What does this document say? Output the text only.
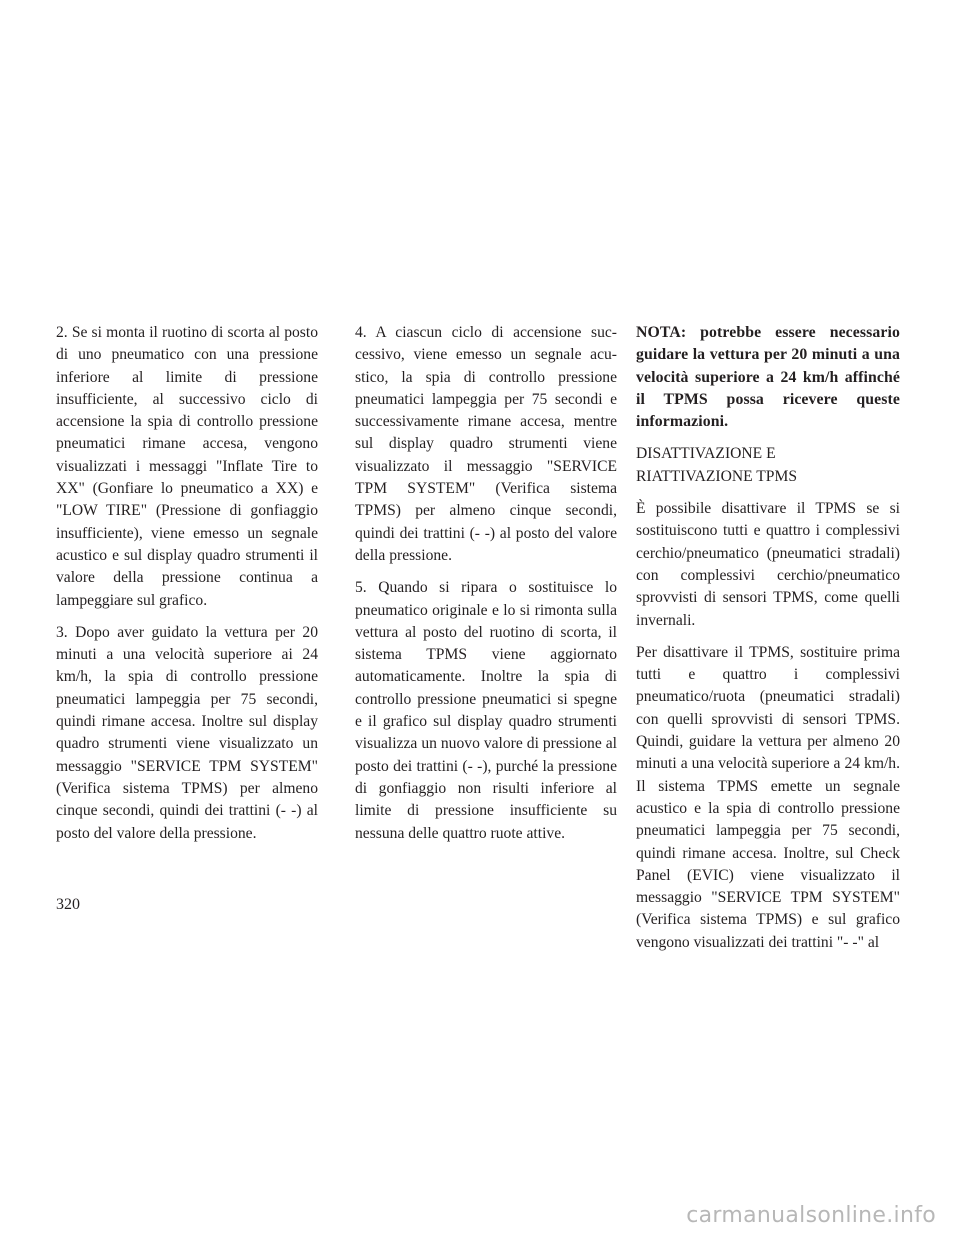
2. Se si monta il ruotino di scorta al posto di uno pneumatico con una pressione inferiore al limite di pressione insufficiente, al successivo ciclo di accensione la spia di controllo pressione pneumatici rimane accesa, vengono visualizzati i messaggi "Inflate Tire to XX" (Gonfiare lo pneumatico a XX) e "LOW TIRE" (Pressione di gonfiaggio insufficiente), viene emesso un segnale acustico e sul display quadro strumenti il valore della pressione continua a lampeggiare sul grafico.

3. Dopo aver guidato la vettura per 20 minuti a una velocità superiore ai 24 km/h, la spia di controllo pressione pneumatici lampeggia per 75 secondi, quindi rimane accesa. Inoltre sul display quadro strumenti viene visualizzato un messaggio "SERVICE TPM SYSTEM" (Verifica sistema TPMS) per almeno cinque secondi, quindi dei trattini (- -) al posto del valore della pressione.

4. A ciascun ciclo di accensione successivo, viene emesso un segnale acustico, la spia di controllo pressione pneumatici lampeggia per 75 secondi e successivamente rimane accesa, mentre sul display quadro strumenti viene visualizzato il messaggio "SERVICE TPM SYSTEM" (Verifica sistema TPMS) per almeno cinque secondi, quindi dei trattini (- -) al posto del valore della pressione.

5. Quando si ripara o sostituisce lo pneumatico originale e lo si rimonta sulla vettura al posto del ruotino di scorta, il sistema TPMS viene aggiornato automaticamente. Inoltre la spia di controllo pressione pneumatici si spegne e il grafico sul display quadro strumenti visualizza un nuovo valore di pressione al posto dei trattini (- -), purché la pressione di gonfiaggio non risulti inferiore al limite di pressione insufficiente su nessuna delle quattro ruote attive.

NOTA: potrebbe essere necessario guidare la vettura per 20 minuti a una velocità superiore a 24 km/h affinché il TPMS possa ricevere queste informazioni.

DISATTIVAZIONE E
RIATTIVAZIONE TPMS

È possibile disattivare il TPMS se si sostituiscono tutti e quattro i complessivi cerchio/pneumatico (pneumatici stradali) con complessivi cerchio/pneumatico sprovvisti di sensori TPMS, come quelli invernali.

Per disattivare il TPMS, sostituire prima tutti e quattro i complessivi pneumatico/ruota (pneumatici stradali) con quelli sprovvisti di sensori TPMS. Quindi, guidare la vettura per almeno 20 minuti a una velocità superiore a 24 km/h. Il sistema TPMS emette un segnale acustico e la spia di controllo pressione pneumatici lampeggia per 75 secondi, quindi rimane accesa. Inoltre, sul Check Panel (EVIC) viene visualizzato il messaggio "SERVICE TPM SYSTEM" (Verifica sistema TPMS) e sul grafico vengono visualizzati dei trattini "- -" al

320
carmanualsonline.info
